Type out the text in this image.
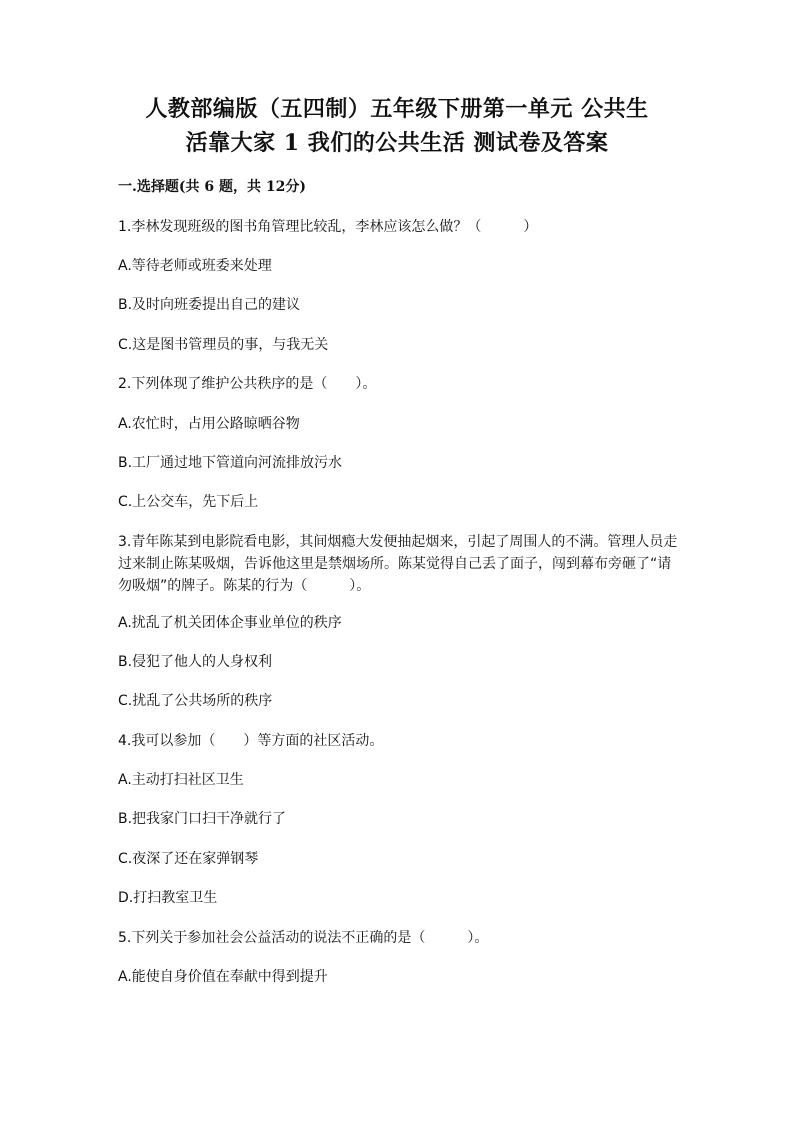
人教部编版（五四制）五年级下册第一单元 公共生
活靠大家 1 我们的公共生活 测试卷及答案
一.选择题(共 6 题，共 12分)
1.李林发现班级的图书角管理比较乱，李林应该怎么做？（　　　）
A.等待老师或班委来处理
B.及时向班委提出自己的建议
C.这是图书管理员的事，与我无关
2.下列体现了维护公共秩序的是（　　）。
A.农忙时，占用公路晾晒谷物
B.工厂通过地下管道向河流排放污水
C.上公交车，先下后上
3.青年陈某到电影院看电影，其间烟瘾大发便抽起烟来，引起了周围人的不满。管理人员走过来制止陈某吸烟，告诉他这里是禁烟场所。陈某觉得自己丢了面子，闯到幕布旁砸了“请勿吸烟”的牌子。陈某的行为（　　　）。
A.扰乱了机关团体企事业单位的秩序
B.侵犯了他人的人身权利
C.扰乱了公共场所的秩序
4.我可以参加（　　）等方面的社区活动。
A.主动打扫社区卫生
B.把我家门口扫干净就行了
C.夜深了还在家弹钢琴
D.打扫教室卫生
5.下列关于参加社会公益活动的说法不正确的是（　　　）。
A.能使自身价值在奉献中得到提升
